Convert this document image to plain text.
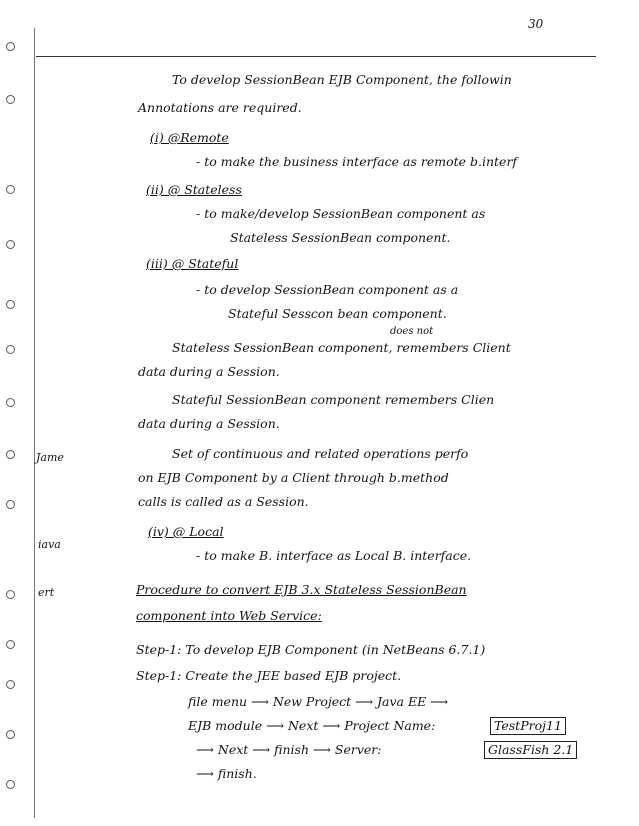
30
Jame
iava
ert
To develop SessionBean EJB Component, the followin
Annotations are required.
(i) @Remote
- to make the business interface as remote b.interf
(ii) @ Stateless
- to make/develop SessionBean component as
Stateless SessionBean component.
(iii) @ Stateful
- to develop SessionBean component as a
Stateful Sesscon bean component.
does not
Stateless SessionBean component, remembers Client
data during a Session.
Stateful SessionBean component remembers Clien
data during a Session.
Set of continuous and related operations perfo
on EJB Component by a Client through b.method
calls is called as a Session.
(iv) @ Local
- to make B. interface as Local B. interface.
Procedure to convert EJB 3.x Stateless SessionBean
component into Web Service:
Step-1: To develop EJB Component (in NetBeans 6.7.1)
Step-1: Create the JEE based EJB project.
file menu ⟶ New Project ⟶ Java EE ⟶
EJB module ⟶ Next ⟶ Project Name:	TestProj11
⟶ Next ⟶ finish ⟶ Server:	GlassFish 2.1
⟶ finish.
